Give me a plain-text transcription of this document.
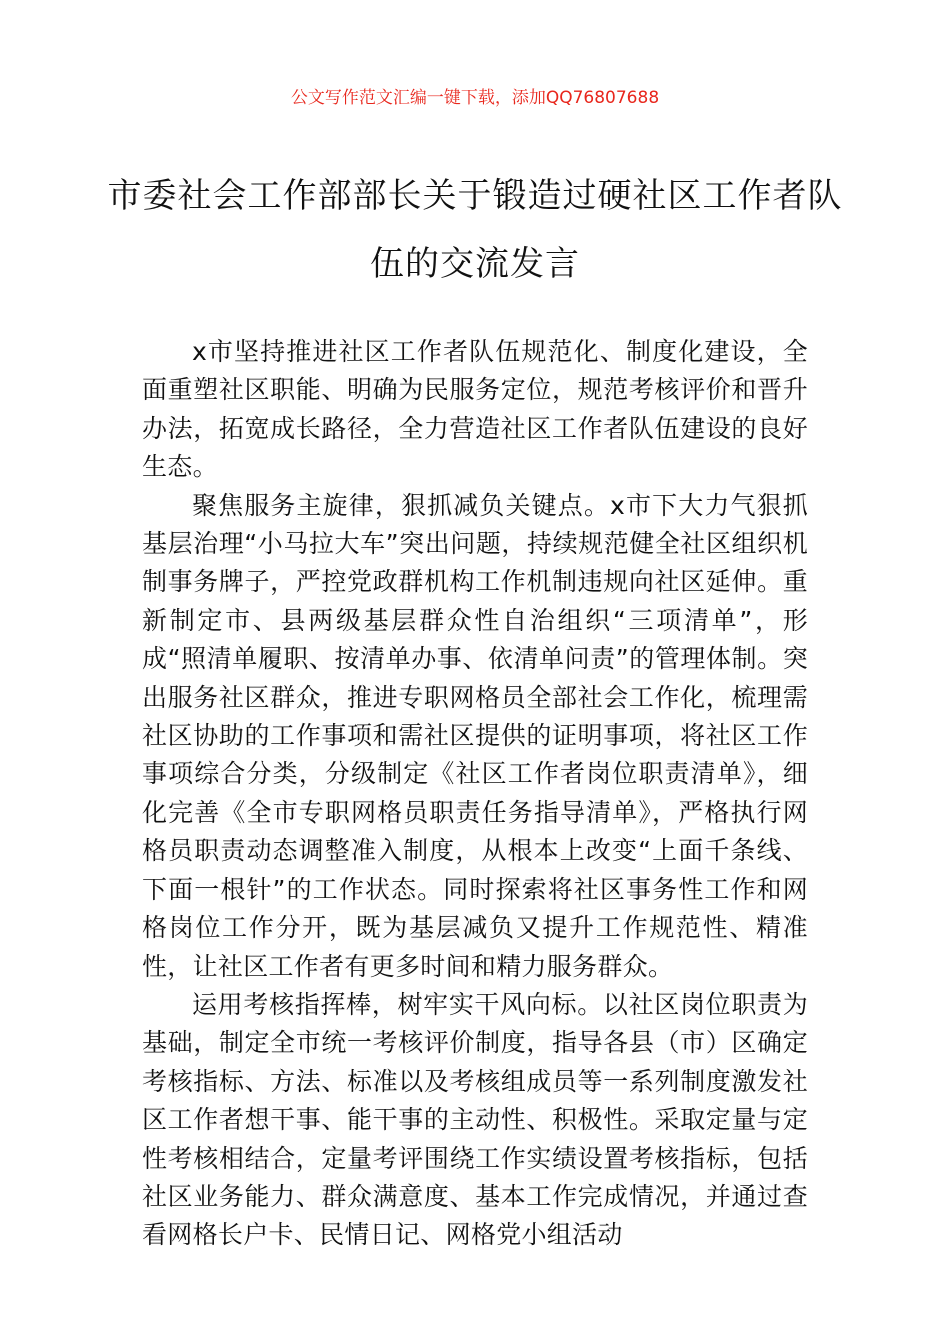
公文写作范文汇编一键下载，添加QQ76807688
市委社会工作部部长关于锻造过硬社区工作者队伍的交流发言

x市坚持推进社区工作者队伍规范化、制度化建设，全面重塑社区职能、明确为民服务定位，规范考核评价和晋升办法，拓宽成长路径，全力营造社区工作者队伍建设的良好生态。

聚焦服务主旋律，狠抓减负关键点。x市下大力气狠抓基层治理“小马拉大车”突出问题，持续规范健全社区组织机制事务牌子，严控党政群机构工作机制违规向社区延伸。重新制定市、县两级基层群众性自治组织“三项清单”，形成“照清单履职、按清单办事、依清单问责”的管理体制。突出服务社区群众，推进专职网格员全部社会工作化，梳理需社区协助的工作事项和需社区提供的证明事项，将社区工作事项综合分类，分级制定《社区工作者岗位职责清单》，细化完善《全市专职网格员职责任务指导清单》，严格执行网格员职责动态调整准入制度，从根本上改变“上面千条线、下面一根针”的工作状态。同时探索将社区事务性工作和网格岗位工作分开，既为基层减负又提升工作规范性、精准性，让社区工作者有更多时间和精力服务群众。

运用考核指挥棒，树牢实干风向标。以社区岗位职责为基础，制定全市统一考核评价制度，指导各县（市）区确定考核指标、方法、标准以及考核组成员等一系列制度激发社区工作者想干事、能干事的主动性、积极性。采取定量与定性考核相结合，定量考评围绕工作实绩设置考核指标，包括社区业务能力、群众满意度、基本工作完成情况，并通过查看网格长户卡、民情日记、网格党小组活动
